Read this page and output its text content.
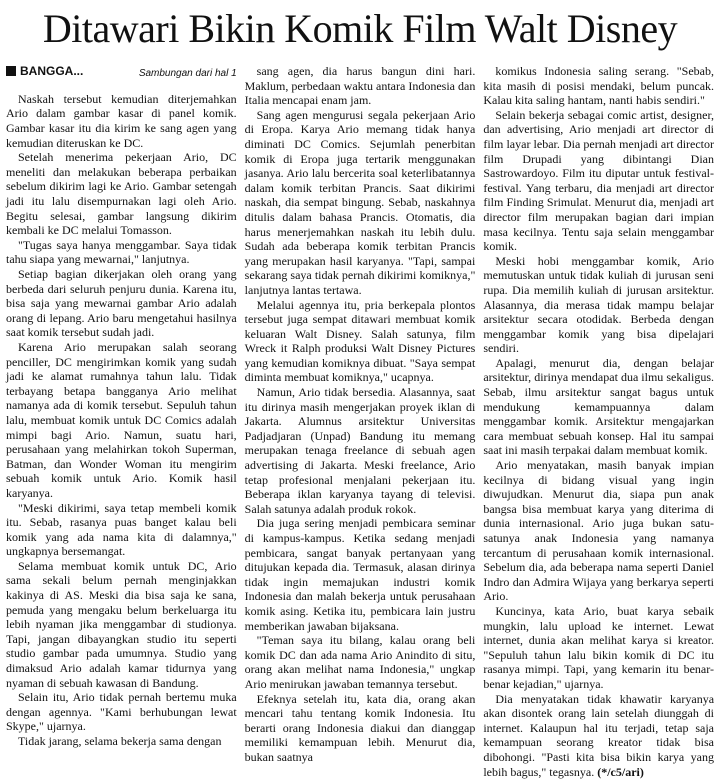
Ditawari Bikin Komik Film Walt Disney
BANGGA...	Sambungan dari hal 1

Naskah tersebut kemudian diterjemahkan Ario dalam gambar kasar di panel komik. Gambar kasar itu dia kirim ke sang agen yang kemudian diteruskan ke DC.

Setelah menerima pekerjaan Ario, DC meneliti dan melakukan beberapa perbaikan sebelum dikirim lagi ke Ario. Gambar setengah jadi itu lalu disempurnakan lagi oleh Ario. Begitu selesai, gambar langsung dikirim kembali ke DC melalui Tomasson.

"Tugas saya hanya menggambar. Saya tidak tahu siapa yang mewarnai," lanjutnya.

Setiap bagian dikerjakan oleh orang yang berbeda dari seluruh penjuru dunia. Karena itu, bisa saja yang mewarnai gambar Ario adalah orang di lepang. Ario baru mengetahui hasilnya saat komik tersebut sudah jadi.

Karena Ario merupakan salah seorang penciller, DC mengirimkan komik yang sudah jadi ke alamat rumahnya tahun lalu. Tidak terbayang betapa bangganya Ario melihat namanya ada di komik tersebut. Sepuluh tahun lalu, membuat komik untuk DC Comics adalah mimpi bagi Ario. Namun, suatu hari, perusahaan yang melahirkan tokoh Superman, Batman, dan Wonder Woman itu mengirim sebuah komik untuk Ario. Komik hasil karyanya.

"Meski dikirimi, saya tetap membeli komik itu. Sebab, rasanya puas banget kalau beli komik yang ada nama kita di dalamnya," ungkapnya bersemangat.

Selama membuat komik untuk DC, Ario sama sekali belum pernah menginjakkan kakinya di AS. Meski dia bisa saja ke sana, pemuda yang mengaku belum berkeluarga itu lebih nyaman jika menggambar di studionya. Tapi, jangan dibayangkan studio itu seperti studio gambar pada umumnya. Studio yang dimaksud Ario adalah kamar tidurnya yang nyaman di sebuah kawasan di Bandung.

Selain itu, Ario tidak pernah bertemu muka dengan agennya. "Kami berhubungan lewat Skype," ujarnya.

Tidak jarang, selama bekerja sama dengan

sang agen, dia harus bangun dini hari. Maklum, perbedaan waktu antara Indonesia dan Italia mencapai enam jam.

Sang agen mengurusi segala pekerjaan Ario di Eropa. Karya Ario memang tidak hanya diminati DC Comics. Sejumlah penerbitan komik di Eropa juga tertarik menggunakan jasanya. Ario lalu bercerita soal keterlibatannya dalam komik terbitan Prancis. Saat dikirimi naskah, dia sempat bingung. Sebab, naskahnya ditulis dalam bahasa Prancis. Otomatis, dia harus menerjemahkan naskah itu lebih dulu. Sudah ada beberapa komik terbitan Prancis yang merupakan hasil karyanya. "Tapi, sampai sekarang saya tidak pernah dikirimi komiknya," lanjutnya lantas tertawa.

Melalui agennya itu, pria berkepala plontos tersebut juga sempat ditawari membuat komik keluaran Walt Disney. Salah satunya, film Wreck it Ralph produksi Walt Disney Pictures yang kemudian komiknya dibuat. "Saya sempat diminta membuat komiknya," ucapnya.

Namun, Ario tidak bersedia. Alasannya, saat itu dirinya masih mengerjakan proyek iklan di Jakarta. Alumnus arsitektur Universitas Padjadjaran (Unpad) Bandung itu memang merupakan tenaga freelance di sebuah agen advertising di Jakarta. Meski freelance, Ario tetap profesional menjalani pekerjaan itu. Beberapa iklan karyanya tayang di televisi. Salah satunya adalah produk rokok.

Dia juga sering menjadi pembicara seminar di kampus-kampus. Ketika sedang menjadi pembicara, sangat banyak pertanyaan yang ditujukan kepada dia. Termasuk, alasan dirinya tidak ingin memajukan industri komik Indonesia dan malah bekerja untuk perusahaan komik asing. Ketika itu, pembicara lain justru memberikan jawaban bijaksana.

"Teman saya itu bilang, kalau orang beli komik DC dan ada nama Ario Anindito di situ, orang akan melihat nama Indonesia," ungkap Ario menirukan jawaban temannya tersebut.

Efeknya setelah itu, kata dia, orang akan mencari tahu tentang komik Indonesia. Itu berarti orang Indonesia diakui dan dianggap memiliki kemampuan lebih. Menurut dia, bukan saatnya

komikus Indonesia saling serang. "Sebab, kita masih di posisi mendaki, belum puncak. Kalau kita saling hantam, nanti habis sendiri."

Selain bekerja sebagai comic artist, designer, dan advertising, Ario menjadi art director di film layar lebar. Dia pernah menjadi art director film Drupadi yang dibintangi Dian Sastrowardoyo. Film itu diputar untuk festival-festival. Yang terbaru, dia menjadi art director film Finding Srimulat. Menurut dia, menjadi art director film merupakan bagian dari impian masa kecilnya. Tentu saja selain menggambar komik.

Meski hobi menggambar komik, Ario memutuskan untuk tidak kuliah di jurusan seni rupa. Dia memilih kuliah di jurusan arsitektur. Alasannya, dia merasa tidak mampu belajar arsitektur secara otodidak. Berbeda dengan menggambar komik yang bisa dipelajari sendiri.

Apalagi, menurut dia, dengan belajar arsitektur, dirinya mendapat dua ilmu sekaligus. Sebab, ilmu arsitektur sangat bagus untuk mendukung kemampuannya dalam menggambar komik. Arsitektur mengajarkan cara membuat sebuah konsep. Hal itu sampai saat ini masih terpakai dalam membuat komik.

Ario menyatakan, masih banyak impian kecilnya di bidang visual yang ingin diwujudkan. Menurut dia, siapa pun anak bangsa bisa membuat karya yang diterima di dunia internasional. Ario juga bukan satu-satunya anak Indonesia yang namanya tercantum di perusahaan komik internasional. Sebelum dia, ada beberapa nama seperti Daniel Indro dan Admira Wijaya yang berkarya seperti Ario.

Kuncinya, kata Ario, buat karya sebaik mungkin, lalu upload ke internet. Lewat internet, dunia akan melihat karya si kreator. "Sepuluh tahun lalu bikin komik di DC itu rasanya mimpi. Tapi, yang kemarin itu benar-benar kejadian," ujarnya.

Dia menyatakan tidak khawatir karyanya akan disontek orang lain setelah diunggah di internet. Kalaupun hal itu terjadi, tetap saja kemampuan seorang kreator tidak bisa dibohongi. "Pasti kita bisa bikin karya yang lebih bagus," tegasnya. (*/c5/ari)
